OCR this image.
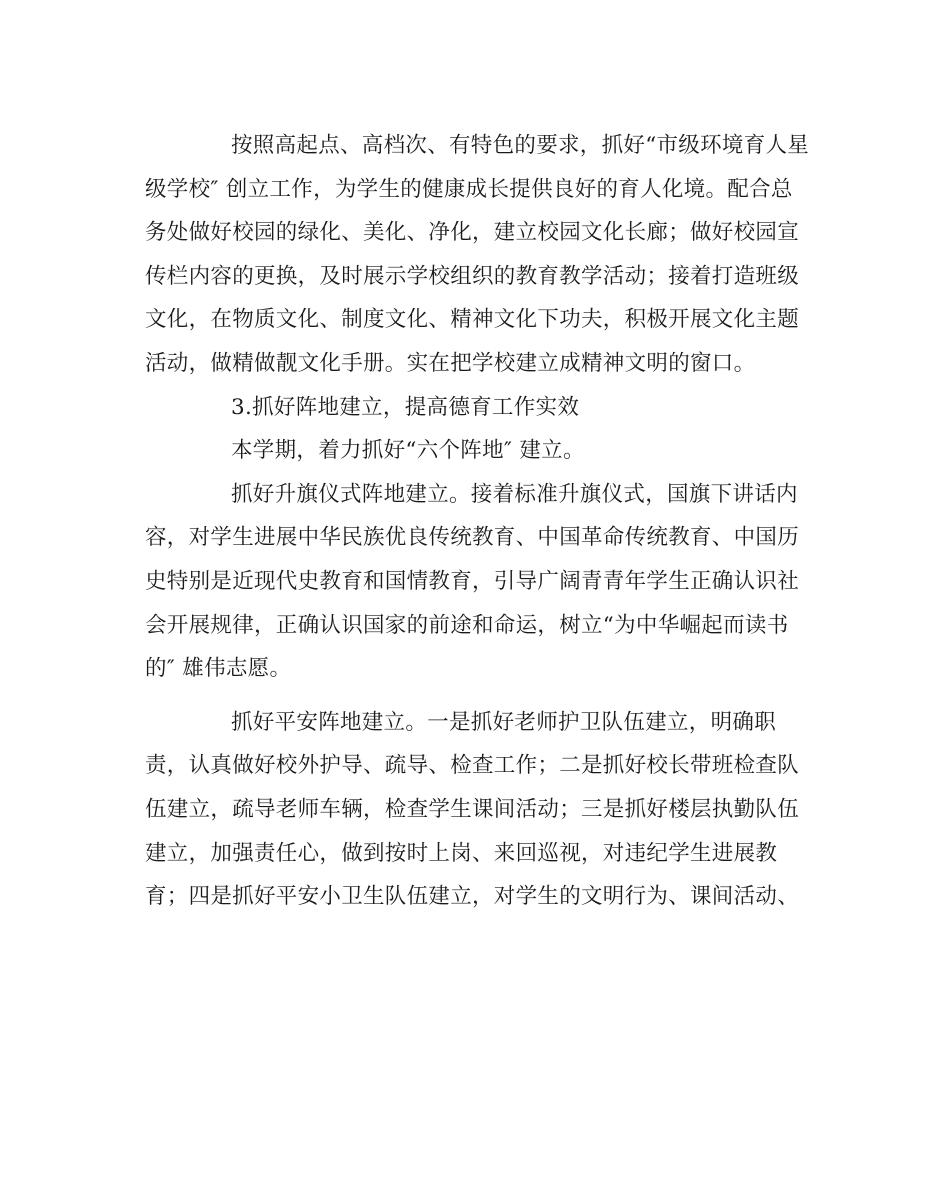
按照高起点、高档次、有特色的要求，抓好“市级环境育人星
级学校″ 创立工作，为学生的健康成长提供良好的育人化境。配合总
务处做好校园的绿化、美化、净化，建立校园文化长廊；做好校园宣
传栏内容的更换，及时展示学校组织的教育教学活动；接着打造班级
文化，在物质文化、制度文化、精神文化下功夫，积极开展文化主题
活动，做精做靓文化手册。实在把学校建立成精神文明的窗口。

3.抓好阵地建立，提高德育工作实效

本学期，着力抓好“六个阵地″ 建立。

抓好升旗仪式阵地建立。接着标准升旗仪式，国旗下讲话内
容，对学生进展中华民族优良传统教育、中国革命传统教育、中国历
史特别是近现代史教育和国情教育，引导广阔青青年学生正确认识社
会开展规律，正确认识国家的前途和命运，树立“为中华崛起而读书
的″ 雄伟志愿。

抓好平安阵地建立。一是抓好老师护卫队伍建立，明确职
责，认真做好校外护导、疏导、检查工作；二是抓好校长带班检查队
伍建立，疏导老师车辆，检查学生课间活动；三是抓好楼层执勤队伍
建立，加强责任心，做到按时上岗、来回巡视，对违纪学生进展教
育；四是抓好平安小卫生队伍建立，对学生的文明行为、课间活动、
